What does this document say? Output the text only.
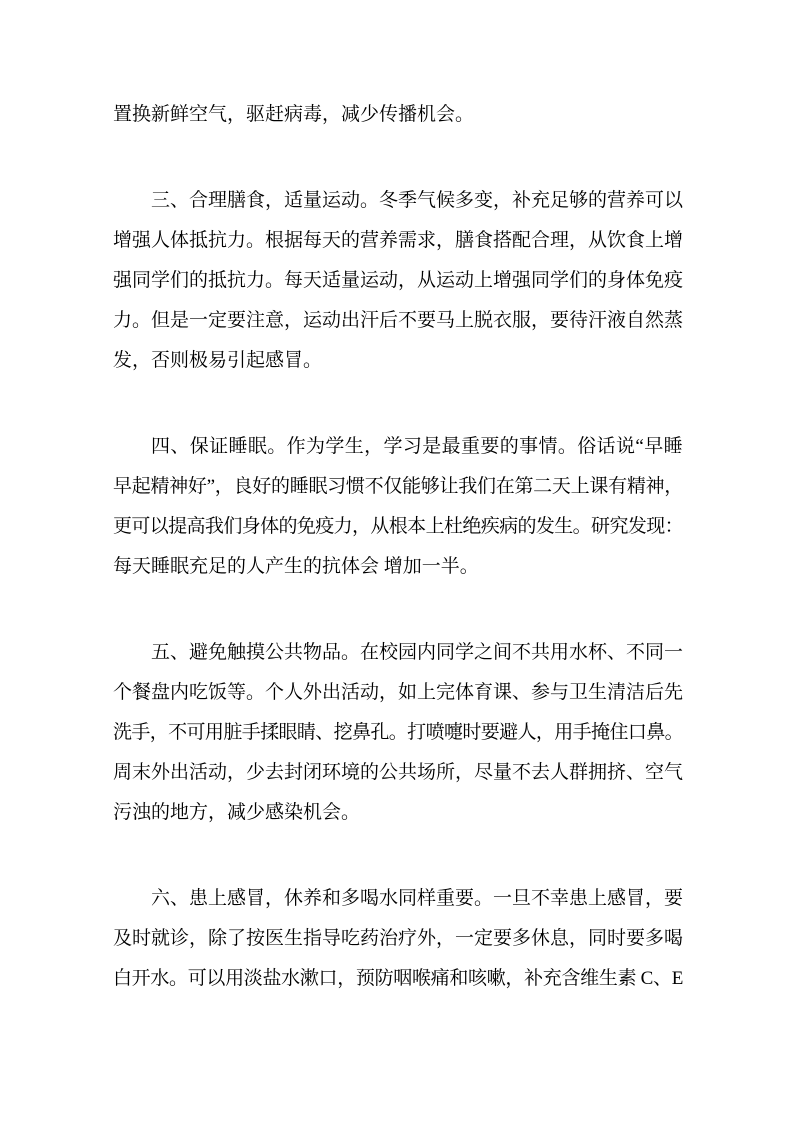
置换新鲜空气，驱赶病毒，减少传播机会。
三、合理膳食，适量运动。冬季气候多变，补充足够的营养可以
增强人体抵抗力。根据每天的营养需求，膳食搭配合理，从饮食上增
强同学们的抵抗力。每天适量运动，从运动上增强同学们的身体免疫
力。但是一定要注意，运动出汗后不要马上脱衣服，要待汗液自然蒸
发，否则极易引起感冒。
四、保证睡眠。作为学生，学习是最重要的事情。俗话说“早睡
早起精神好”，良好的睡眠习惯不仅能够让我们在第二天上课有精神，
更可以提高我们身体的免疫力，从根本上杜绝疾病的发生。研究发现：
每天睡眠充足的人产生的抗体会 增加一半。
五、避免触摸公共物品。在校园内同学之间不共用水杯、不同一
个餐盘内吃饭等。个人外出活动，如上完体育课、参与卫生清洁后先
洗手，不可用脏手揉眼睛、挖鼻孔。打喷嚏时要避人，用手掩住口鼻。
周末外出活动，少去封闭环境的公共场所，尽量不去人群拥挤、空气
污浊的地方，减少感染机会。
六、患上感冒，休养和多喝水同样重要。一旦不幸患上感冒，要
及时就诊，除了按医生指导吃药治疗外，一定要多休息，同时要多喝
白开水。可以用淡盐水漱口，预防咽喉痛和咳嗽，补充含维生素 C、E
